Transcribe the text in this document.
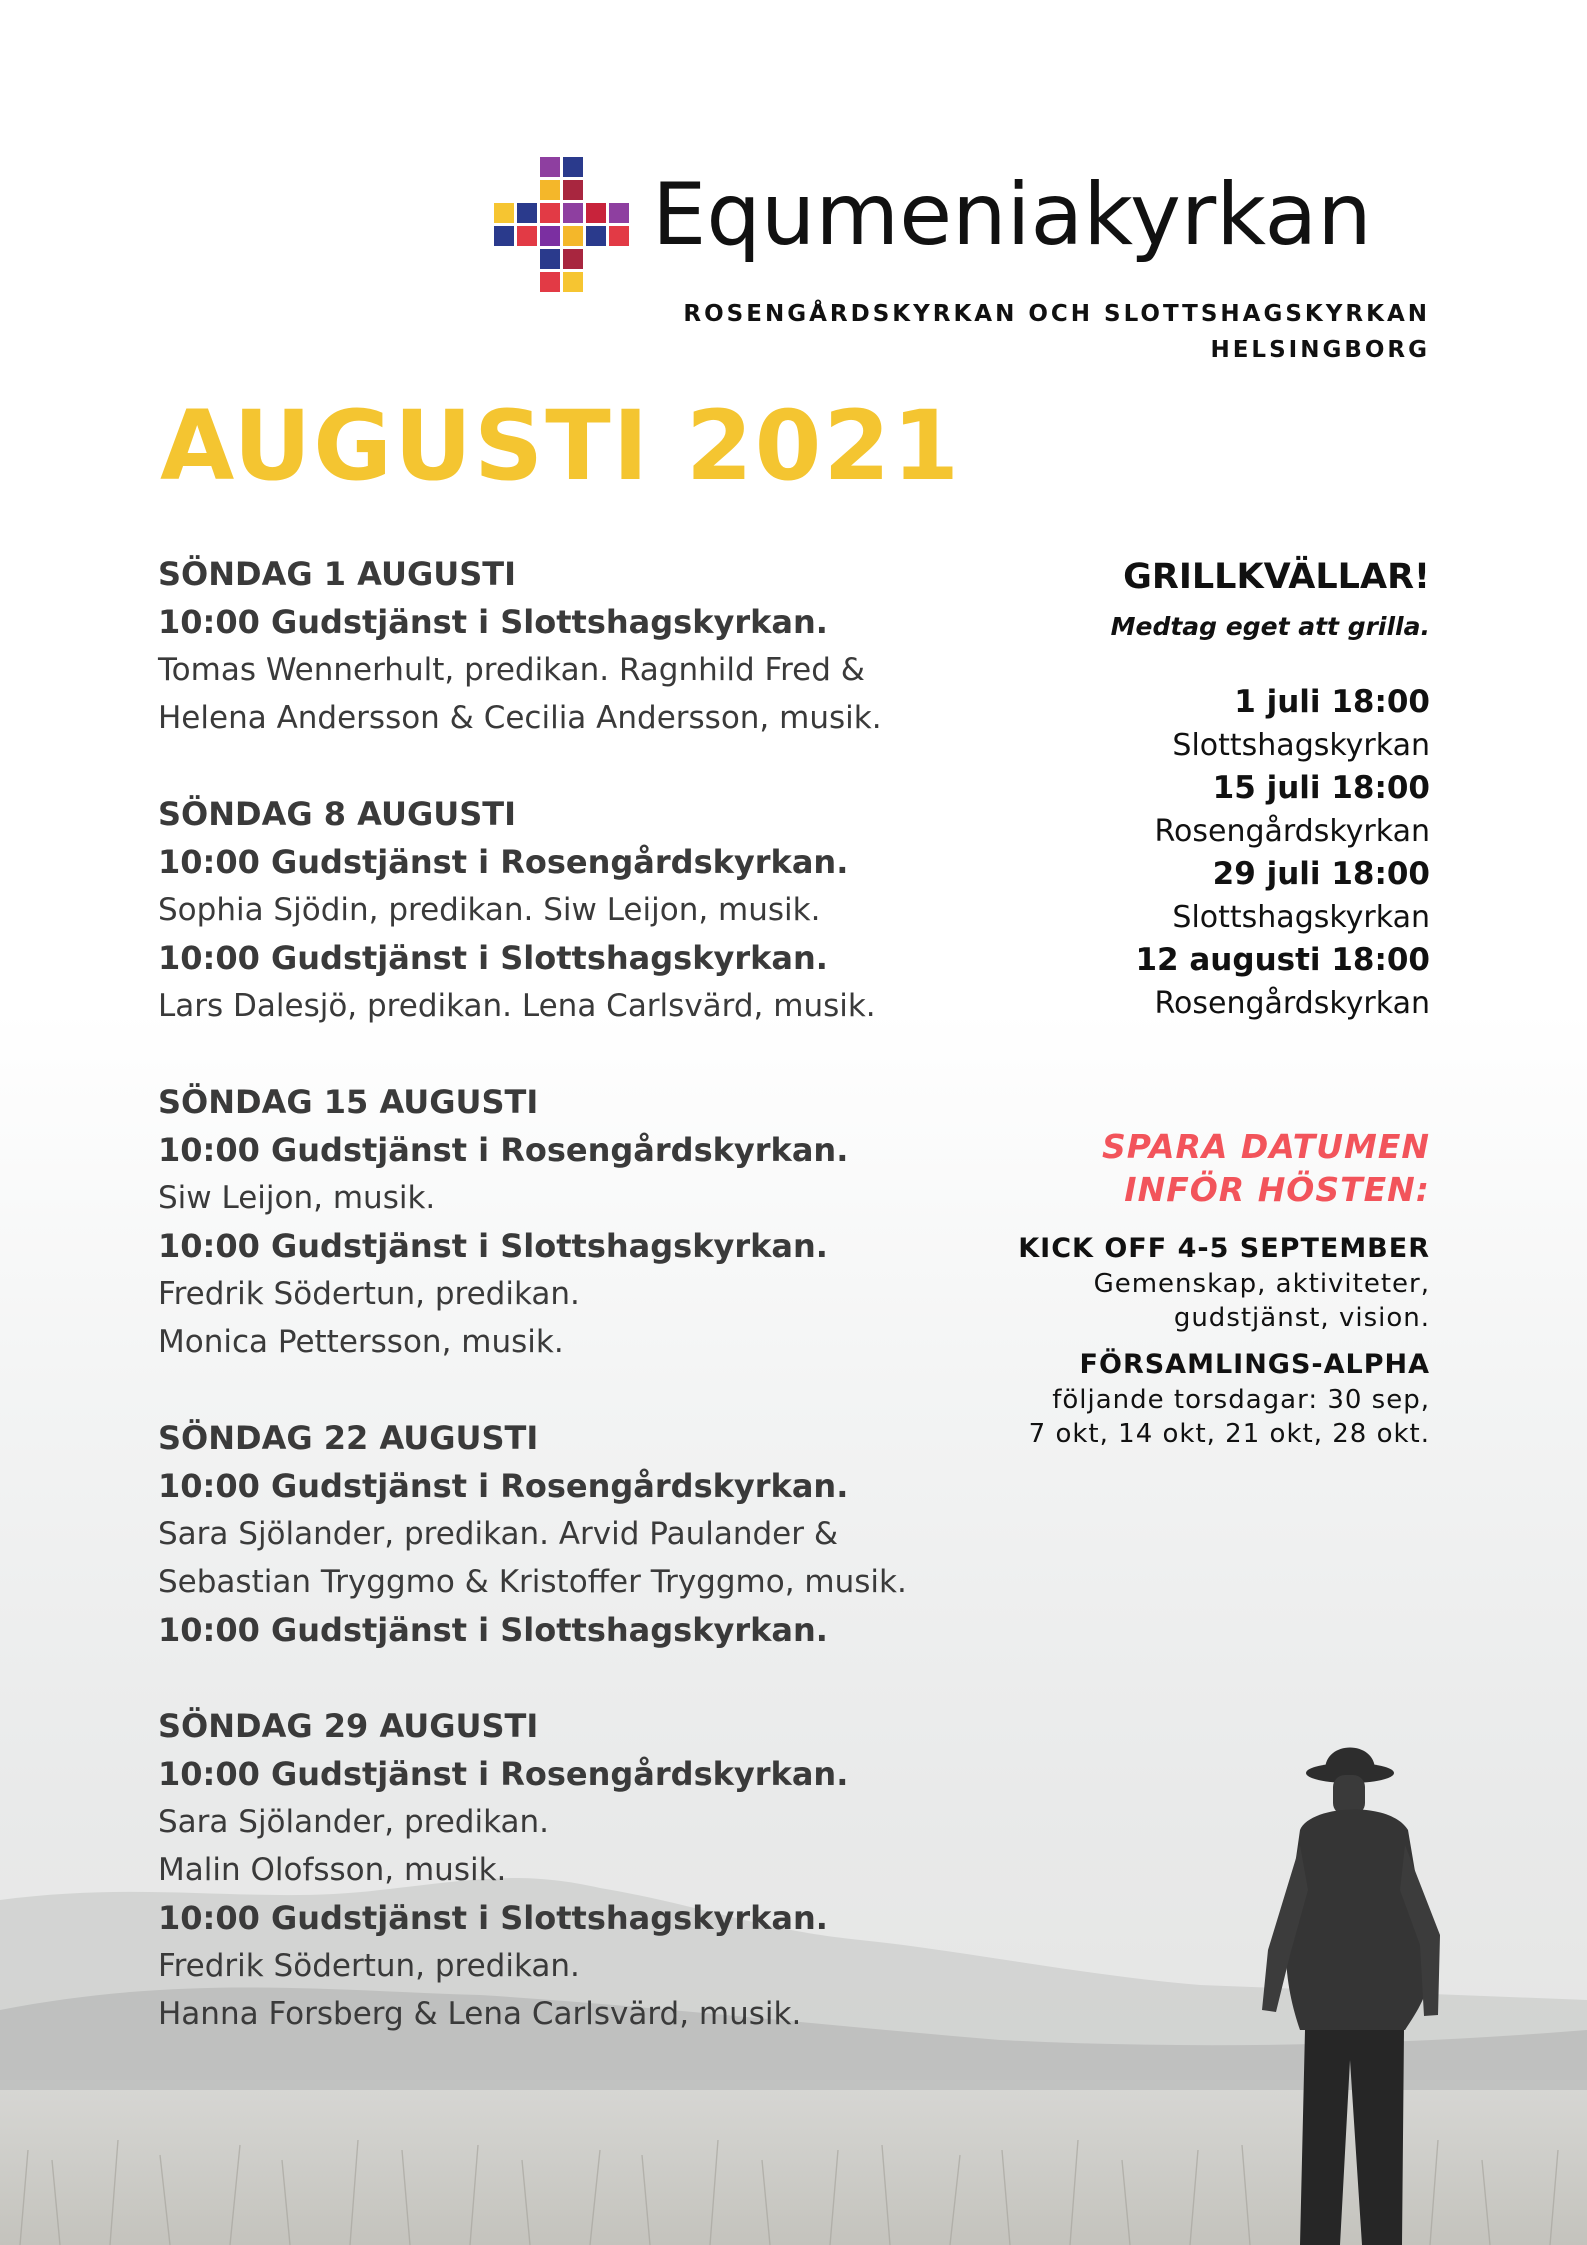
Equmeniakyrkan
ROSENGÅRDSKYRKAN OCH SLOTTSHAGSKYRKAN
HELSINGBORG
AUGUSTI 2021
SÖNDAG 1 AUGUSTI
10:00 Gudstjänst i Slottshagskyrkan.
Tomas Wennerhult, predikan. Ragnhild Fred &
Helena Andersson & Cecilia Andersson, musik.
SÖNDAG 8 AUGUSTI
10:00 Gudstjänst i Rosengårdskyrkan.
Sophia Sjödin, predikan. Siw Leijon, musik.
10:00 Gudstjänst i Slottshagskyrkan.
Lars Dalesjö, predikan. Lena Carlsvärd, musik.
SÖNDAG 15 AUGUSTI
10:00 Gudstjänst i Rosengårdskyrkan.
Siw Leijon, musik.
10:00 Gudstjänst i Slottshagskyrkan.
Fredrik Södertun, predikan.
Monica Pettersson, musik.
SÖNDAG 22 AUGUSTI
10:00 Gudstjänst i Rosengårdskyrkan.
Sara Sjölander, predikan. Arvid Paulander &
Sebastian Tryggmo & Kristoffer Tryggmo, musik.
10:00 Gudstjänst i Slottshagskyrkan.
SÖNDAG 29 AUGUSTI
10:00 Gudstjänst i Rosengårdskyrkan.
Sara Sjölander, predikan.
Malin Olofsson, musik.
10:00 Gudstjänst i Slottshagskyrkan.
Fredrik Södertun, predikan.
Hanna Forsberg & Lena Carlsvärd, musik.
GRILLKVÄLLAR!
Medtag eget att grilla.
1 juli 18:00
Slottshagskyrkan
15 juli 18:00
Rosengårdskyrkan
29 juli 18:00
Slottshagskyrkan
12 augusti 18:00
Rosengårdskyrkan
SPARA DATUMEN
INFÖR HÖSTEN:
KICK OFF 4-5 SEPTEMBER
Gemenskap, aktiviteter,
gudstjänst, vision.
FÖRSAMLINGS-ALPHA
följande torsdagar: 30 sep,
7 okt, 14 okt, 21 okt, 28 okt.
